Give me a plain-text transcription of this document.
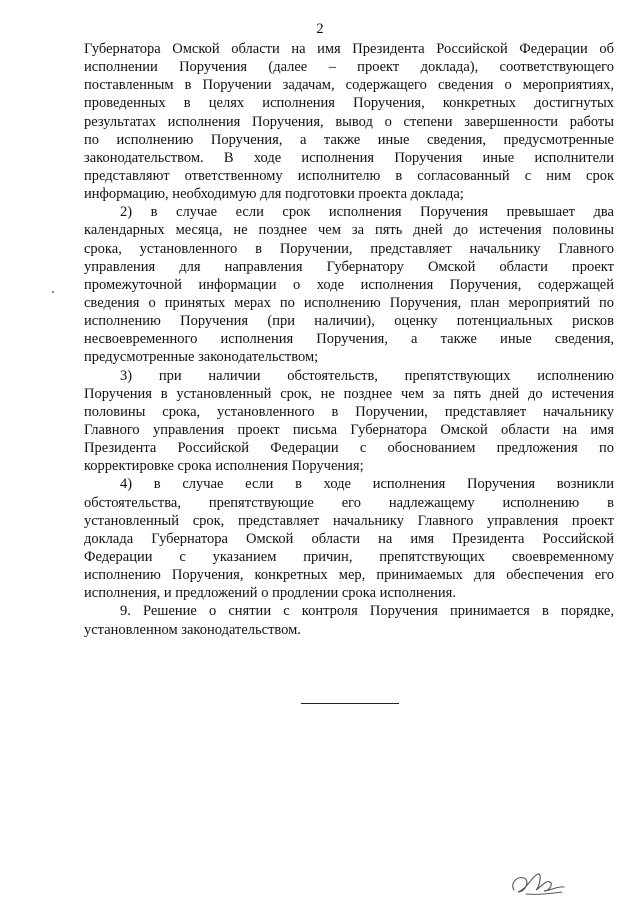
2
Губернатора Омской области на имя Президента Российской Федерации об
исполнении Поручения (далее – проект доклада), соответствующего
поставленным в Поручении задачам, содержащего сведения о мероприятиях,
проведенных в целях исполнения Поручения, конкретных достигнутых
результатах исполнения Поручения, вывод о степени завершенности работы
по исполнению Поручения, а также иные сведения, предусмотренные
законодательством. В ходе исполнения Поручения иные исполнители
представляют ответственному исполнителю в согласованный с ним срок
информацию, необходимую для подготовки проекта доклада;
2) в случае если срок исполнения Поручения превышает два
календарных месяца, не позднее чем за пять дней до истечения половины
срока, установленного в Поручении, представляет начальнику Главного
управления для направления Губернатору Омской области проект
промежуточной информации о ходе исполнения Поручения, содержащей
сведения о принятых мерах по исполнению Поручения, план мероприятий по
исполнению Поручения (при наличии), оценку потенциальных рисков
несвоевременного исполнения Поручения, а также иные сведения,
предусмотренные законодательством;
3) при наличии обстоятельств, препятствующих исполнению
Поручения в установленный срок, не позднее чем за пять дней до истечения
половины срока, установленного в Поручении, представляет начальнику
Главного управления проект письма Губернатора Омской области на имя
Президента Российской Федерации с обоснованием предложения по
корректировке срока исполнения Поручения;
4) в случае если в ходе исполнения Поручения возникли
обстоятельства, препятствующие его надлежащему исполнению в
установленный срок, представляет начальнику Главного управления проект
доклада Губернатора Омской области на имя Президента Российской
Федерации с указанием причин, препятствующих своевременному
исполнению Поручения, конкретных мер, принимаемых для обеспечения его
исполнения, и предложений о продлении срока исполнения.
9. Решение о снятии с контроля Поручения принимается в порядке,
установленном законодательством.
